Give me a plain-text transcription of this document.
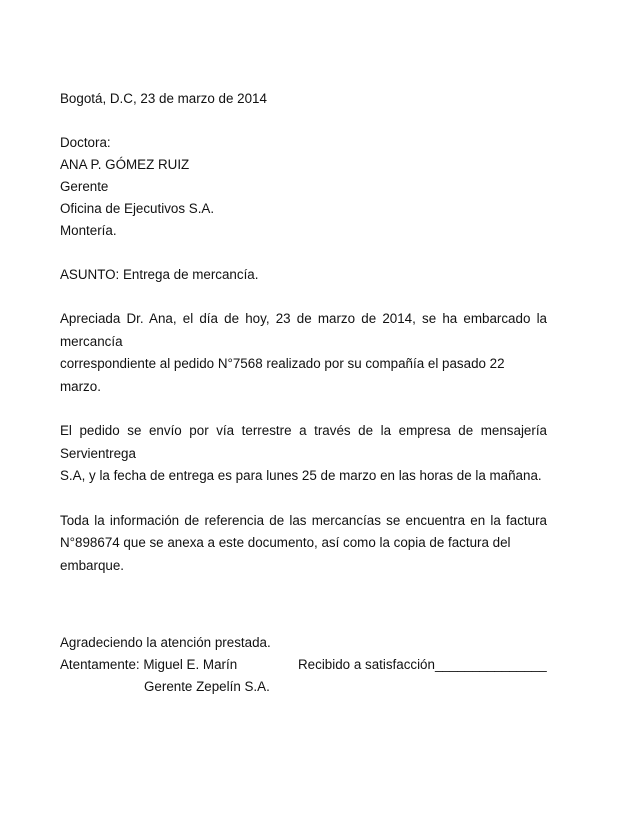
Bogotá, D.C, 23 de marzo de 2014
Doctora:
ANA P. GÓMEZ RUIZ
Gerente
Oficina de Ejecutivos S.A.
Montería.
ASUNTO: Entrega de mercancía.
Apreciada Dr. Ana, el día de hoy, 23 de marzo de 2014, se ha embarcado la mercancía
correspondiente al pedido N°7568 realizado por su compañía el pasado 22 marzo.
El pedido se envío por vía terrestre a través de la empresa de mensajería Servientrega
S.A, y la fecha de entrega es para lunes 25 de marzo en las horas de la mañana.
Toda la información de referencia de las mercancías se encuentra en la factura
N°898674 que se anexa a este documento, así como la copia de factura del embarque.
Agradeciendo la atención prestada.
Atentamente: Miguel E. Marín	Recibido a satisfacción_______________
Gerente Zepelín S.A.
